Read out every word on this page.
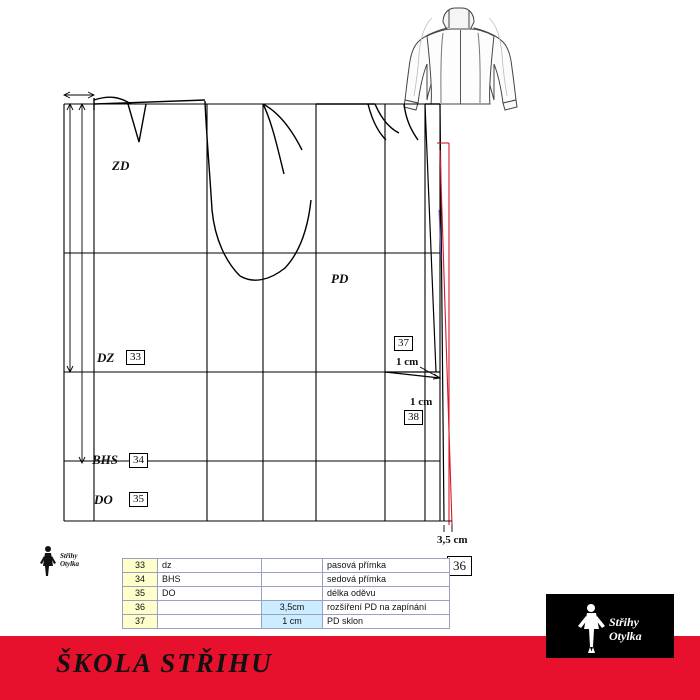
ZD
PD
DZ	33
BHS	34
DO	35
37
1 cm
1 cm
38
3,5 cm
36
Střihy
Otylka	33	dz		pasová přímka
34	BHS		sedová přímka
35	DO		délka oděvu
36		3,5cm	rozšíření PD na zapínání
37		1 cm	PD sklon
ŠKOLA STŘIHU
Střihy
Otylka
